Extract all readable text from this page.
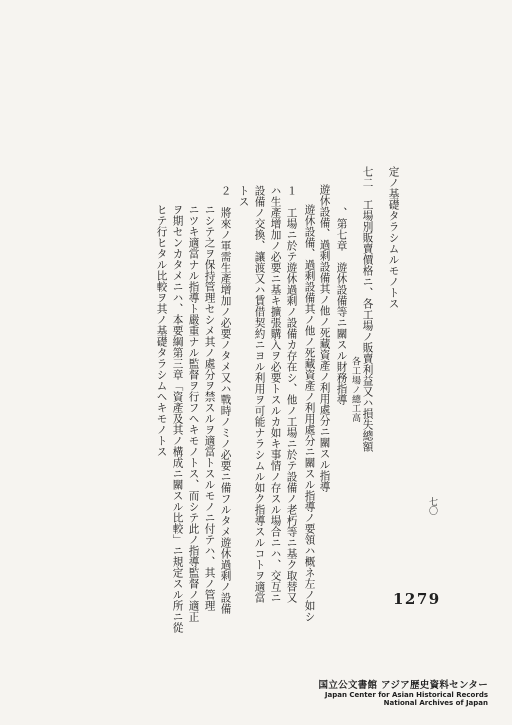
定ノ基礎タラシムルモノトス
七二　工場別販賣價格ニ、各工場ノ販賣利益又ハ損失總額
　　　　　　　　　　　　各工場ノ總工高
　　、第七章　遊休設備等ニ關スル財務指導
遊休設備、過剩設備其ノ他ノ死藏資產ノ利用處分ニ關スル指導
遊休設備、過剩設備其ノ他ノ死藏資產ノ利用處分ニ關スル指導ノ要領ハ概ネ左ノ如シ
１　工場ニ於テ遊休過剩ノ設備カ存在シ、他ノ工場ニ於テ設備ノ老朽等ニ基ク取替又
ハ生產增加ノ必要ニ基キ擴張購入ヲ必要トスルカ如キ事情ノ存スル場合ニハ、交互ニ
設備ノ交換、讓渡又ハ賃借契約ニヨル利用ヲ可能ナラシムル如ク指導スルコトヲ適當
トス
２　將來ノ軍需生產增加ノ必要ノタメ又ハ戰時ノミノ必要ニ備フルタメ遊休過剩ノ設備
ニシテ之ヲ保持管理セシメ其ノ處分ヲ禁スルヲ適當トスルモノニ付テハ、其ノ管理
ニツキ適當ナル指導ト嚴重ナル監督ヲ行フヘキモノトス、而シテ此ノ指導監督ノ適正
ヲ期センカタメニハ、本要綱第三章「資產及其ノ構成ニ關スル比較」ニ規定スル所ニ從
ヒテ行ヒタル比較ヲ其ノ基礎タラシムヘキモノトス
七〇
1279
国立公文書館 アジア歴史資料センター
Japan Center for Asian Historical Records
National Archives of Japan
